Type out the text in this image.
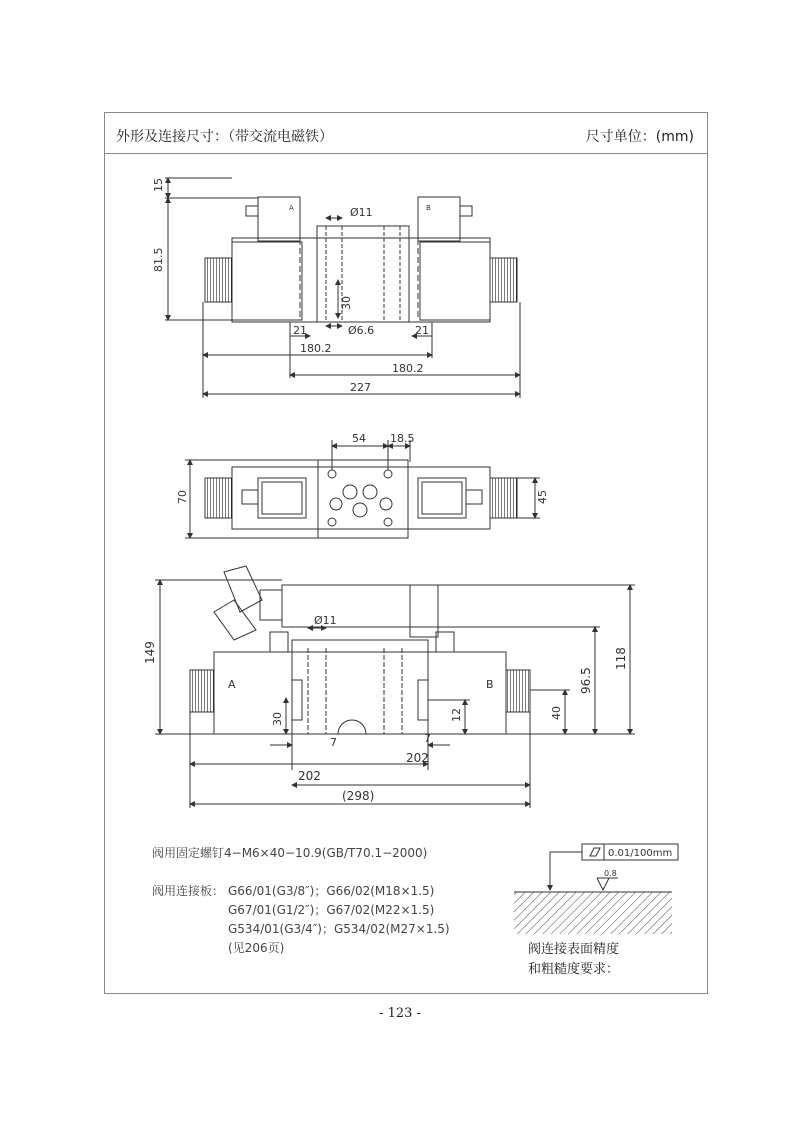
外形及连接尺寸：（带交流电磁铁）	尺寸单位：(mm)
15
81.5
Ø11
30
Ø6.6
21	21
180.2
180.2
227
A	B
54 18.5
70	45
149
Ø11
96.5
118
30	12	40
7	7
202
202
(298)
A	B
0.01/100mm
0.8
阀用固定螺钉4−M6×40−10.9(GB/T70.1−2000)
阀用连接板： G66/01(G3/8″)；G66/02(M18×1.5)
G67/01(G1/2″)；G67/02(M22×1.5)
G534/01(G3/4″)；G534/02(M27×1.5)
(见206页)	阀连接表面精度
和粗糙度要求：
- 123 -
